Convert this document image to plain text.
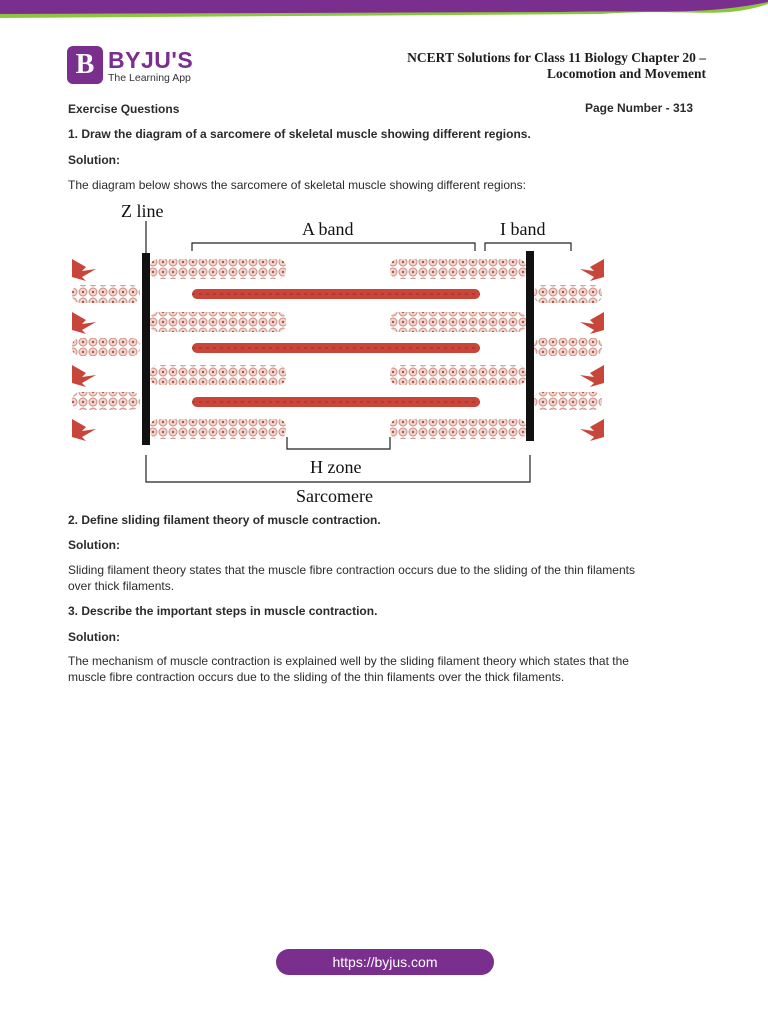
B BYJU'S
The Learning App
NCERT Solutions for Class 11 Biology Chapter 20 –
Locomotion and Movement
Exercise Questions	Page Number - 313
1. Draw the diagram of a sarcomere of skeletal muscle showing different regions.
Solution:
The diagram below shows the sarcomere of skeletal muscle showing different regions:
Z line
A band	I band
H zone
Sarcomere
2. Define sliding filament theory of muscle contraction.
Solution:
Sliding filament theory states that the muscle fibre contraction occurs due to the sliding of the thin filaments
over thick filaments.
3. Describe the important steps in muscle contraction.
Solution:
The mechanism of muscle contraction is explained well by the sliding filament theory which states that the
muscle fibre contraction occurs due to the sliding of the thin filaments over the thick filaments.
https://byjus.com
